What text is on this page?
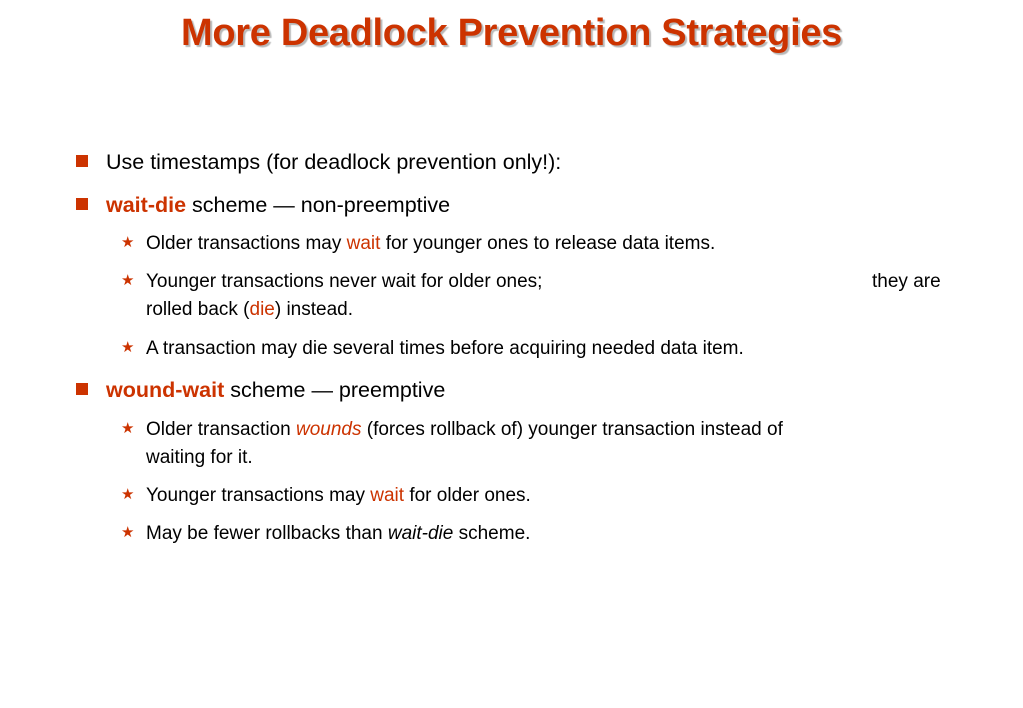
More Deadlock Prevention Strategies
Use timestamps (for deadlock prevention only!):
wait-die scheme — non-preemptive
★ Older transactions may wait for younger ones to release data items.
★ Younger transactions never wait for older ones;	they are
rolled back (die) instead.
★ A transaction may die several times before acquiring needed data item.
wound-wait scheme — preemptive
★ Older transaction wounds (forces rollback of) younger transaction instead of
waiting for it.
★ Younger transactions may wait for older ones.
★ May be fewer rollbacks than wait-die scheme.
